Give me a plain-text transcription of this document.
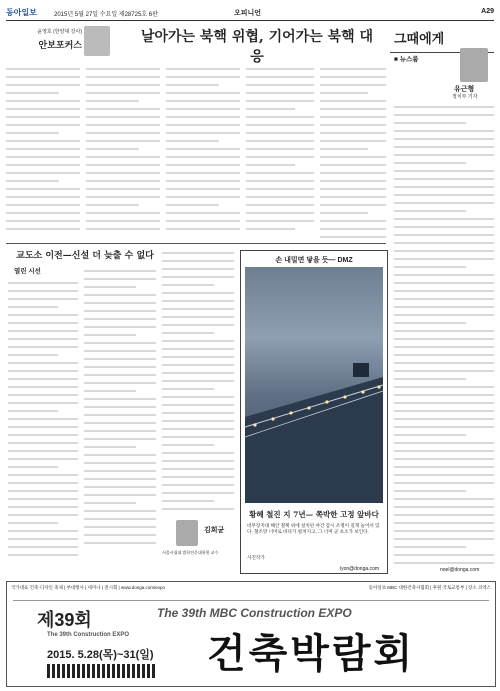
동아일보	2015년 5월 27일 수요일 제28725호 6판	오피니언	A29
윤영호 (한양대 강사)
안보포커스
날아가는 북핵 위협, 기어가는 북핵 대응
그때에게
■ 뉴스룸
유근형
정치부 기자
noel@donga.com
교도소 이전—신설 더 늦출 수 없다
열린 시선
김희균
서울시립대 법학전문대학원 교수
손 내밀면 닿을 듯— DMZ
황혜 철진 지 7년— 쪽박한 고정 앞바다
비무장지대 해안 철책 위에 설치된 야간 감시 조명이 길게 늘어서 있다. 철조망 너머로 바다가 펼쳐지고, 그 너머 군 초소가 보인다.
사진작가
lyon@donga.com
국가대표 건축·디자인 축제 | 부대행사 | 세미나 | 전시회 | www.donga.com/expo	동아일보 MBC 대한건축사협회 | 후원 국토교통부 | 장소 코엑스
제39회	The 39th MBC Construction EXPO
건축박람회
The 39th Construction EXPO
2015. 5.28(목)~31(일)
